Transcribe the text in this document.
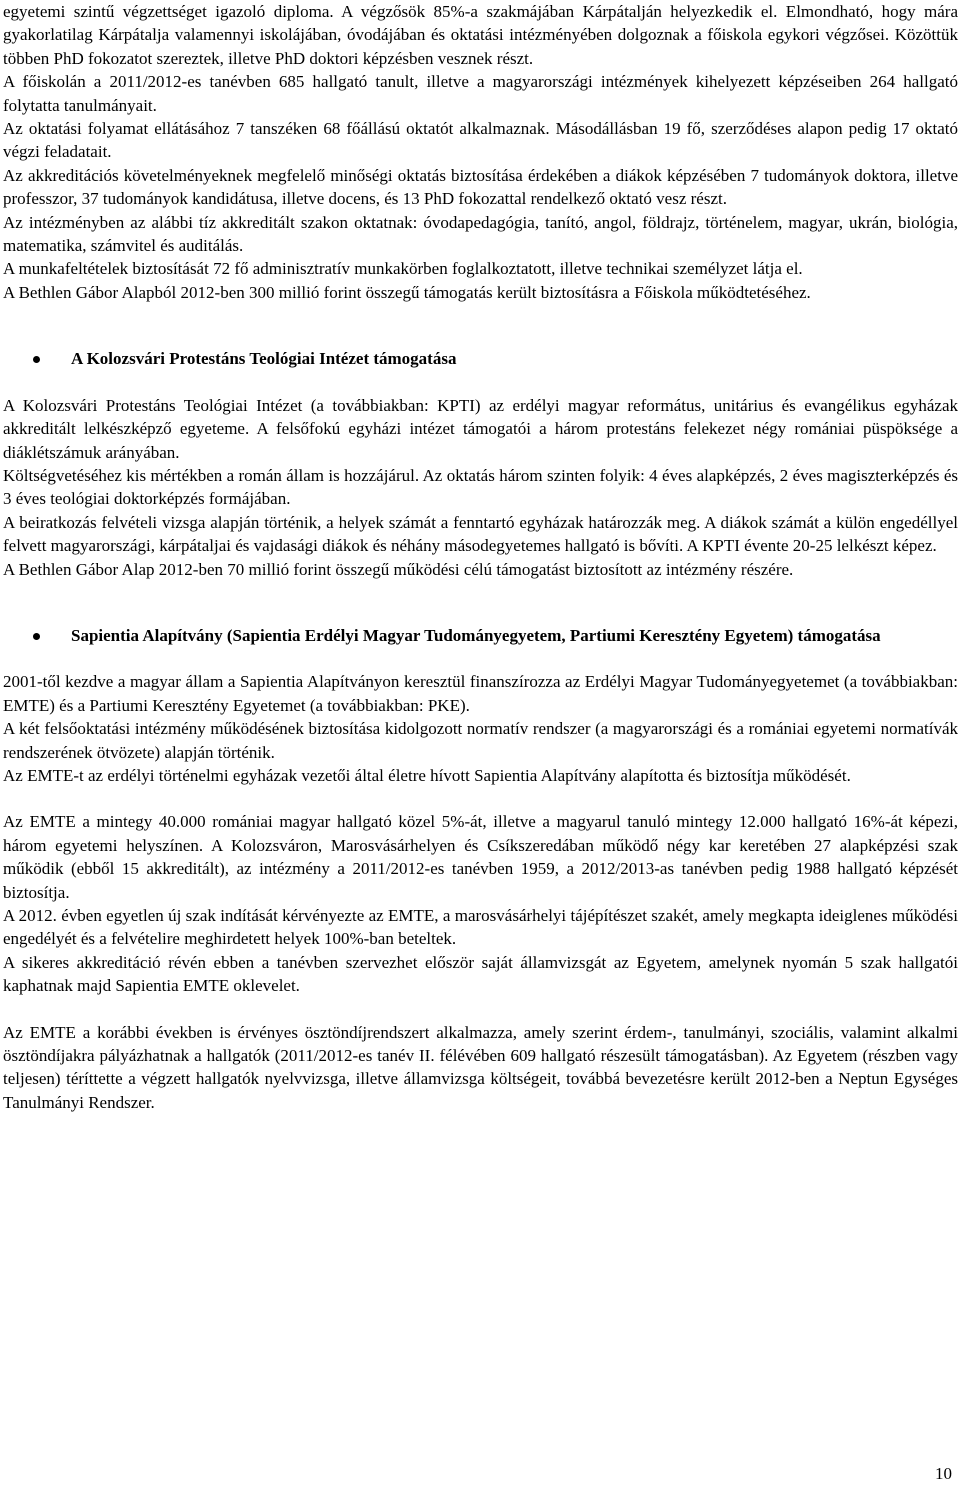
egyetemi szintű végzettséget igazoló diploma. A végzősök 85%-a szakmájában Kárpátalján helyezkedik el. Elmondható, hogy mára gyakorlatilag Kárpátalja valamennyi iskolájában, óvodájában és oktatási intézményében dolgoznak a főiskola egykori végzősei. Közöttük többen PhD fokozatot szereztek, illetve PhD doktori képzésben vesznek részt.

A főiskolán a 2011/2012-es tanévben 685 hallgató tanult, illetve a magyarországi intézmények kihelyezett képzéseiben 264 hallgató folytatta tanulmányait.

Az oktatási folyamat ellátásához 7 tanszéken 68 főállású oktatót alkalmaznak. Másodállásban 19 fő, szerződéses alapon pedig 17 oktató végzi feladatait.

Az akkreditációs követelményeknek megfelelő minőségi oktatás biztosítása érdekében a diákok képzésében 7 tudományok doktora, illetve professzor, 37 tudományok kandidátusa, illetve docens, és 13 PhD fokozattal rendelkező oktató vesz részt.

Az intézményben az alábbi tíz akkreditált szakon oktatnak: óvodapedagógia, tanító, angol, földrajz, történelem, magyar, ukrán, biológia, matematika, számvitel és auditálás.

A munkafeltételek biztosítását 72 fő adminisztratív munkakörben foglalkoztatott, illetve technikai személyzet látja el.

A Bethlen Gábor Alapból 2012-ben 300 millió forint összegű támogatás került biztosításra a Főiskola működtetéséhez.

A Kolozsvári Protestáns Teológiai Intézet támogatása

A Kolozsvári Protestáns Teológiai Intézet (a továbbiakban: KPTI) az erdélyi magyar református, unitárius és evangélikus egyházak akkreditált lelkészképző egyeteme. A felsőfokú egyházi intézet támogatói a három protestáns felekezet négy romániai püspöksége a diáklétszámuk arányában.

Költségvetéséhez kis mértékben a román állam is hozzájárul. Az oktatás három szinten folyik: 4 éves alapképzés, 2 éves magiszterképzés és 3 éves teológiai doktorképzés formájában.

A beiratkozás felvételi vizsga alapján történik, a helyek számát a fenntartó egyházak határozzák meg. A diákok számát a külön engedéllyel felvett magyarországi, kárpátaljai és vajdasági diákok és néhány másodegyetemes hallgató is bővíti. A KPTI évente 20-25 lelkészt képez.

A Bethlen Gábor Alap 2012-ben 70 millió forint összegű működési célú támogatást biztosított az intézmény részére.

Sapientia Alapítvány (Sapientia Erdélyi Magyar Tudományegyetem, Partiumi Keresztény Egyetem) támogatása

2001-től kezdve a magyar állam a Sapientia Alapítványon keresztül finanszírozza az Erdélyi Magyar Tudományegyetemet (a továbbiakban: EMTE) és a Partiumi Keresztény Egyetemet (a továbbiakban: PKE).

A két felsőoktatási intézmény működésének biztosítása kidolgozott normatív rendszer (a magyarországi és a romániai egyetemi normatívák rendszerének ötvözete) alapján történik.

Az EMTE-t az erdélyi történelmi egyházak vezetői által életre hívott Sapientia Alapítvány alapította és biztosítja működését.

Az EMTE a mintegy 40.000 romániai magyar hallgató közel 5%-át, illetve a magyarul tanuló mintegy 12.000 hallgató 16%-át képezi, három egyetemi helyszínen. A Kolozsváron, Marosvásárhelyen és Csíkszeredában működő négy kar keretében 27 alapképzési szak működik (ebből 15 akkreditált), az intézmény a 2011/2012-es tanévben 1959, a 2012/2013-as tanévben pedig 1988 hallgató képzését biztosítja.

A 2012. évben egyetlen új szak indítását kérvényezte az EMTE, a marosvásárhelyi tájépítészet szakét, amely megkapta ideiglenes működési engedélyét és a felvételire meghirdetett helyek 100%-ban beteltek.

A sikeres akkreditáció révén ebben a tanévben szervezhet először saját államvizsgát az Egyetem, amelynek nyomán 5 szak hallgatói kaphatnak majd Sapientia EMTE oklevelet.

Az EMTE a korábbi években is érvényes ösztöndíjrendszert alkalmazza, amely szerint érdem-, tanulmányi, szociális, valamint alkalmi ösztöndíjakra pályázhatnak a hallgatók (2011/2012-es tanév II. félévében 609 hallgató részesült támogatásban). Az Egyetem (részben vagy teljesen) téríttette a végzett hallgatók nyelvvizsga, illetve államvizsga költségeit, továbbá bevezetésre került 2012-ben a Neptun Egységes Tanulmányi Rendszer.

10
